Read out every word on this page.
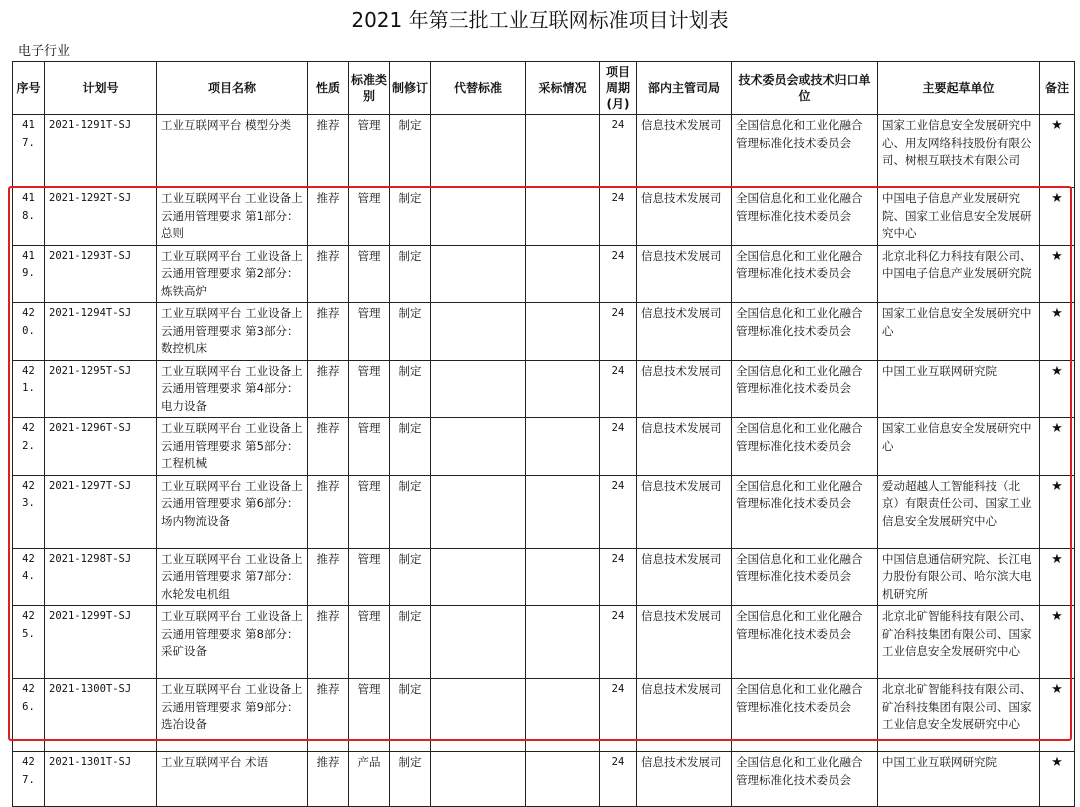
2021 年第三批工业互联网标准项目计划表
电子行业
序号	计划号	项目名称	性质	标准类别	制修订	代替标准	采标情况	项目周期(月)	部内主管司局	技术委员会或技术归口单位	主要起草单位	备注
417.	2021-1291T-SJ	工业互联网平台 模型分类	推荐	管理	制定			24	信息技术发展司	全国信息化和工业化融合管理标准化技术委员会	国家工业信息安全发展研究中心、用友网络科技股份有限公司、树根互联技术有限公司	★
418.	2021-1292T-SJ	工业互联网平台 工业设备上云通用管理要求 第1部分：总则	推荐	管理	制定			24	信息技术发展司	全国信息化和工业化融合管理标准化技术委员会	中国电子信息产业发展研究院、国家工业信息安全发展研究中心	★
419.	2021-1293T-SJ	工业互联网平台 工业设备上云通用管理要求 第2部分：炼铁高炉	推荐	管理	制定			24	信息技术发展司	全国信息化和工业化融合管理标准化技术委员会	北京北科亿力科技有限公司、中国电子信息产业发展研究院	★
420.	2021-1294T-SJ	工业互联网平台 工业设备上云通用管理要求 第3部分：数控机床	推荐	管理	制定			24	信息技术发展司	全国信息化和工业化融合管理标准化技术委员会	国家工业信息安全发展研究中心	★
421.	2021-1295T-SJ	工业互联网平台 工业设备上云通用管理要求 第4部分：电力设备	推荐	管理	制定			24	信息技术发展司	全国信息化和工业化融合管理标准化技术委员会	中国工业互联网研究院	★
422.	2021-1296T-SJ	工业互联网平台 工业设备上云通用管理要求 第5部分：工程机械	推荐	管理	制定			24	信息技术发展司	全国信息化和工业化融合管理标准化技术委员会	国家工业信息安全发展研究中心	★
423.	2021-1297T-SJ	工业互联网平台 工业设备上云通用管理要求 第6部分：场内物流设备	推荐	管理	制定			24	信息技术发展司	全国信息化和工业化融合管理标准化技术委员会	爱动超越人工智能科技（北京）有限责任公司、国家工业信息安全发展研究中心	★
424.	2021-1298T-SJ	工业互联网平台 工业设备上云通用管理要求 第7部分：水轮发电机组	推荐	管理	制定			24	信息技术发展司	全国信息化和工业化融合管理标准化技术委员会	中国信息通信研究院、长江电力股份有限公司、哈尔滨大电机研究所	★
425.	2021-1299T-SJ	工业互联网平台 工业设备上云通用管理要求 第8部分：采矿设备	推荐	管理	制定			24	信息技术发展司	全国信息化和工业化融合管理标准化技术委员会	北京北矿智能科技有限公司、矿冶科技集团有限公司、国家工业信息安全发展研究中心	★
426.	2021-1300T-SJ	工业互联网平台 工业设备上云通用管理要求 第9部分：选冶设备	推荐	管理	制定			24	信息技术发展司	全国信息化和工业化融合管理标准化技术委员会	北京北矿智能科技有限公司、矿冶科技集团有限公司、国家工业信息安全发展研究中心	★
427.	2021-1301T-SJ	工业互联网平台 术语	推荐	产品	制定			24	信息技术发展司	全国信息化和工业化融合管理标准化技术委员会	中国工业互联网研究院	★
